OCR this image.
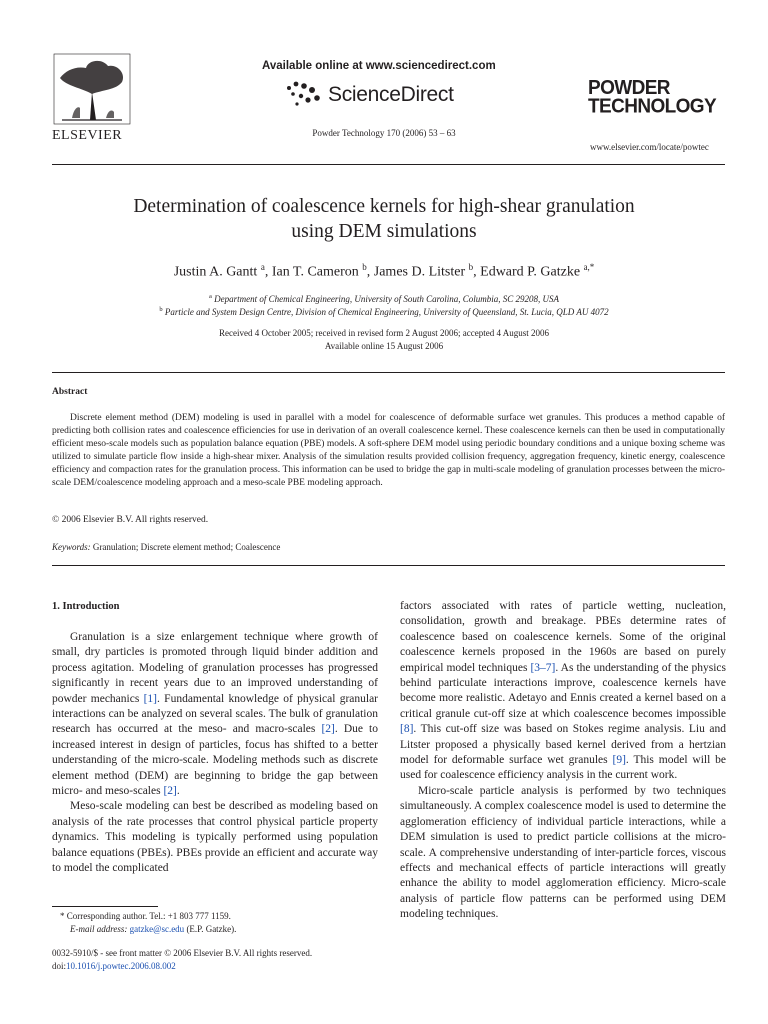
ELSEVIER
Available online at www.sciencedirect.com
ScienceDirect
Powder Technology 170 (2006) 53 – 63
POWDER
TECHNOLOGY
www.elsevier.com/locate/powtec
Determination of coalescence kernels for high-shear granulation
using DEM simulations
Justin A. Gantt $^a$, Ian T. Cameron $^b$, James D. Litster $^b$, Edward P. Gatzke $^{a,*}$
$^a$ Department of Chemical Engineering, University of South Carolina, Columbia, SC 29208, USA
$^b$ Particle and System Design Centre, Division of Chemical Engineering, University of Queensland, St. Lucia, QLD AU 4072
Received 4 October 2005; received in revised form 2 August 2006; accepted 4 August 2006
Available online 15 August 2006
Abstract
Discrete element method (DEM) modeling is used in parallel with a model for coalescence of deformable surface wet granules. This produces a method capable of predicting both collision rates and coalescence efficiencies for use in derivation of an overall coalescence kernel. These coalescence kernels can then be used in computationally efficient meso-scale models such as population balance equation (PBE) models. A soft-sphere DEM model using periodic boundary conditions and a unique boxing scheme was utilized to simulate particle flow inside a high-shear mixer. Analysis of the simulation results provided collision frequency, aggregation frequency, kinetic energy, coalescence efficiency and compaction rates for the granulation process. This information can be used to bridge the gap in multi-scale modeling of granulation processes between the micro-scale DEM/coalescence modeling approach and a meso-scale PBE modeling approach.
© 2006 Elsevier B.V. All rights reserved.
Keywords: Granulation; Discrete element method; Coalescence

1. Introduction

Granulation is a size enlargement technique where growth of small, dry particles is promoted through liquid binder addition and process agitation. Modeling of granulation processes has progressed significantly in recent years due to an improved understanding of powder mechanics [1]. Fundamental knowledge of physical granular interactions can be analyzed on several scales. The bulk of granulation research has occurred at the meso- and macro-scales [2]. Due to increased interest in design of particles, focus has shifted to a better understanding of the micro-scale. Modeling methods such as discrete element method (DEM) are beginning to bridge the gap between micro- and meso-scales [2].

Meso-scale modeling can best be described as modeling based on analysis of the rate processes that control physical particle property dynamics. This modeling is typically performed using population balance equations (PBEs). PBEs provide an efficient and accurate way to model the complicated

factors associated with rates of particle wetting, nucleation, consolidation, growth and breakage. PBEs determine rates of coalescence based on coalescence kernels. Some of the original coalescence kernels proposed in the 1960s are based on purely empirical model techniques [3–7]. As the understanding of the physics behind particulate interactions improve, coalescence kernels have become more realistic. Adetayo and Ennis created a kernel based on a critical granule cut-off size at which coalescence becomes impossible [8]. This cut-off size was based on Stokes regime analysis. Liu and Litster proposed a physically based kernel derived from a hertzian model for deformable surface wet granules [9]. This model will be used for coalescence efficiency analysis in the current work.

Micro-scale particle analysis is performed by two techniques simultaneously. A complex coalescence model is used to determine the agglomeration efficiency of individual particle interactions, while a DEM simulation is used to predict particle collisions at the micro-scale. A comprehensive understanding of inter-particle forces, viscous effects and mechanical effects of particle interactions will greatly enhance the ability to model agglomeration efficiency. Micro-scale analysis of particle flow patterns can be performed using DEM modeling techniques.

* Corresponding author. Tel.: +1 803 777 1159.
E-mail address: gatzke@sc.edu (E.P. Gatzke).
0032-5910/$ - see front matter © 2006 Elsevier B.V. All rights reserved.
doi:10.1016/j.powtec.2006.08.002
